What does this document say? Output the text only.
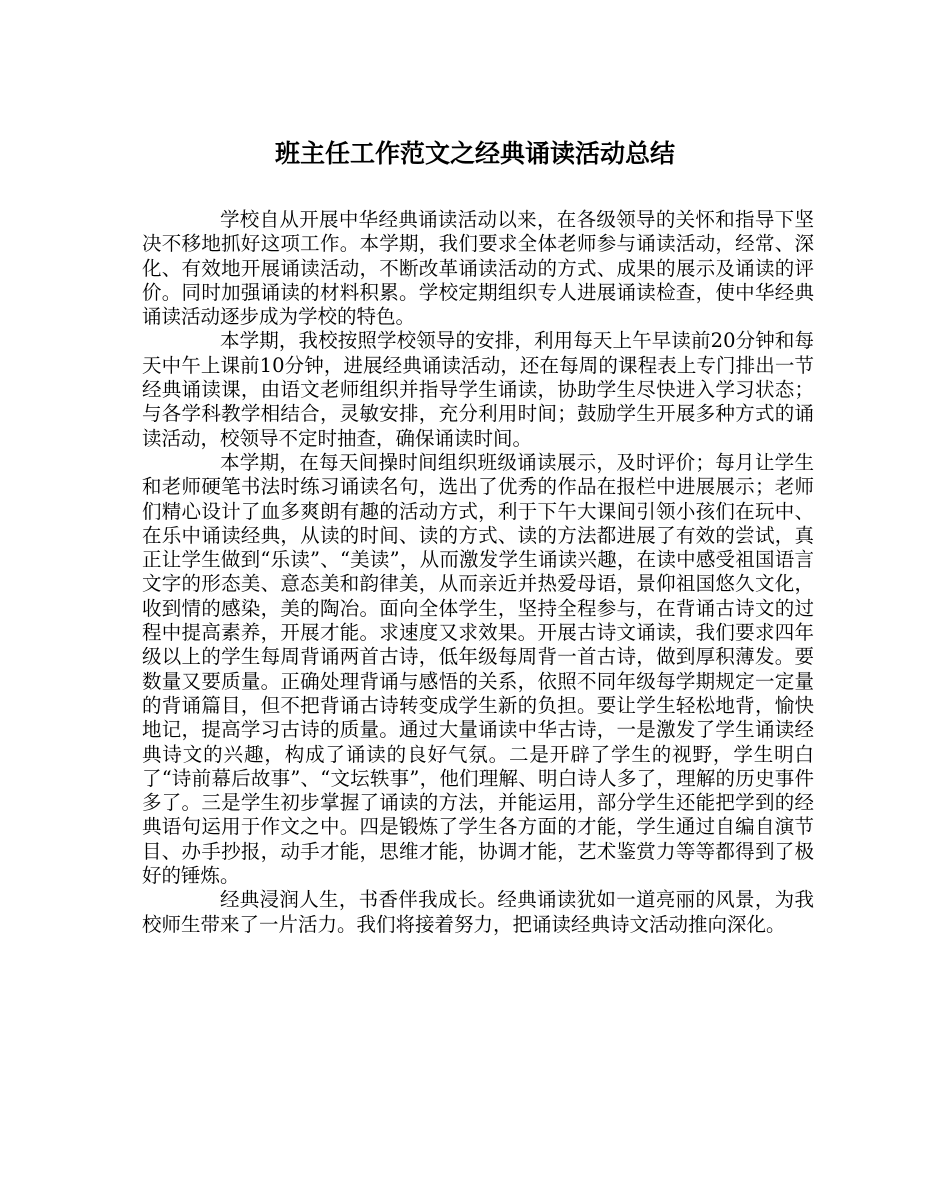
班主任工作范文之经典诵读活动总结

学校自从开展中华经典诵读活动以来，在各级领导的关怀和指导下坚决不移地抓好这项工作。本学期，我们要求全体老师参与诵读活动，经常、深化、有效地开展诵读活动，不断改革诵读活动的方式、成果的展示及诵读的评价。同时加强诵读的材料积累。学校定期组织专人进展诵读检查，使中华经典诵读活动逐步成为学校的特色。

本学期，我校按照学校领导的安排，利用每天上午早读前20分钟和每天中午上课前10分钟，进展经典诵读活动，还在每周的课程表上专门排出一节经典诵读课，由语文老师组织并指导学生诵读，协助学生尽快进入学习状态；与各学科教学相结合，灵敏安排，充分利用时间；鼓励学生开展多种方式的诵读活动，校领导不定时抽查，确保诵读时间。

本学期，在每天间操时间组织班级诵读展示，及时评价；每月让学生和老师硬笔书法时练习诵读名句，选出了优秀的作品在报栏中进展展示；老师们精心设计了血多爽朗有趣的活动方式，利于下午大课间引领小孩们在玩中、在乐中诵读经典，从读的时间、读的方式、读的方法都进展了有效的尝试，真正让学生做到“乐读”、“美读”，从而激发学生诵读兴趣，在读中感受祖国语言文字的形态美、意态美和韵律美，从而亲近并热爱母语，景仰祖国悠久文化，收到情的感染，美的陶冶。面向全体学生，坚持全程参与，在背诵古诗文的过程中提高素养，开展才能。求速度又求效果。开展古诗文诵读，我们要求四年级以上的学生每周背诵两首古诗，低年级每周背一首古诗，做到厚积薄发。要数量又要质量。正确处理背诵与感悟的关系，依照不同年级每学期规定一定量的背诵篇目，但不把背诵古诗转变成学生新的负担。要让学生轻松地背，愉快地记，提高学习古诗的质量。通过大量诵读中华古诗，一是激发了学生诵读经典诗文的兴趣，构成了诵读的良好气氛。二是开辟了学生的视野，学生明白了“诗前幕后故事”、“文坛轶事”，他们理解、明白诗人多了，理解的历史事件多了。三是学生初步掌握了诵读的方法，并能运用，部分学生还能把学到的经典语句运用于作文之中。四是锻炼了学生各方面的才能，学生通过自编自演节目、办手抄报，动手才能，思维才能，协调才能，艺术鉴赏力等等都得到了极好的锤炼。

经典浸润人生，书香伴我成长。经典诵读犹如一道亮丽的风景，为我校师生带来了一片活力。我们将接着努力，把诵读经典诗文活动推向深化。
